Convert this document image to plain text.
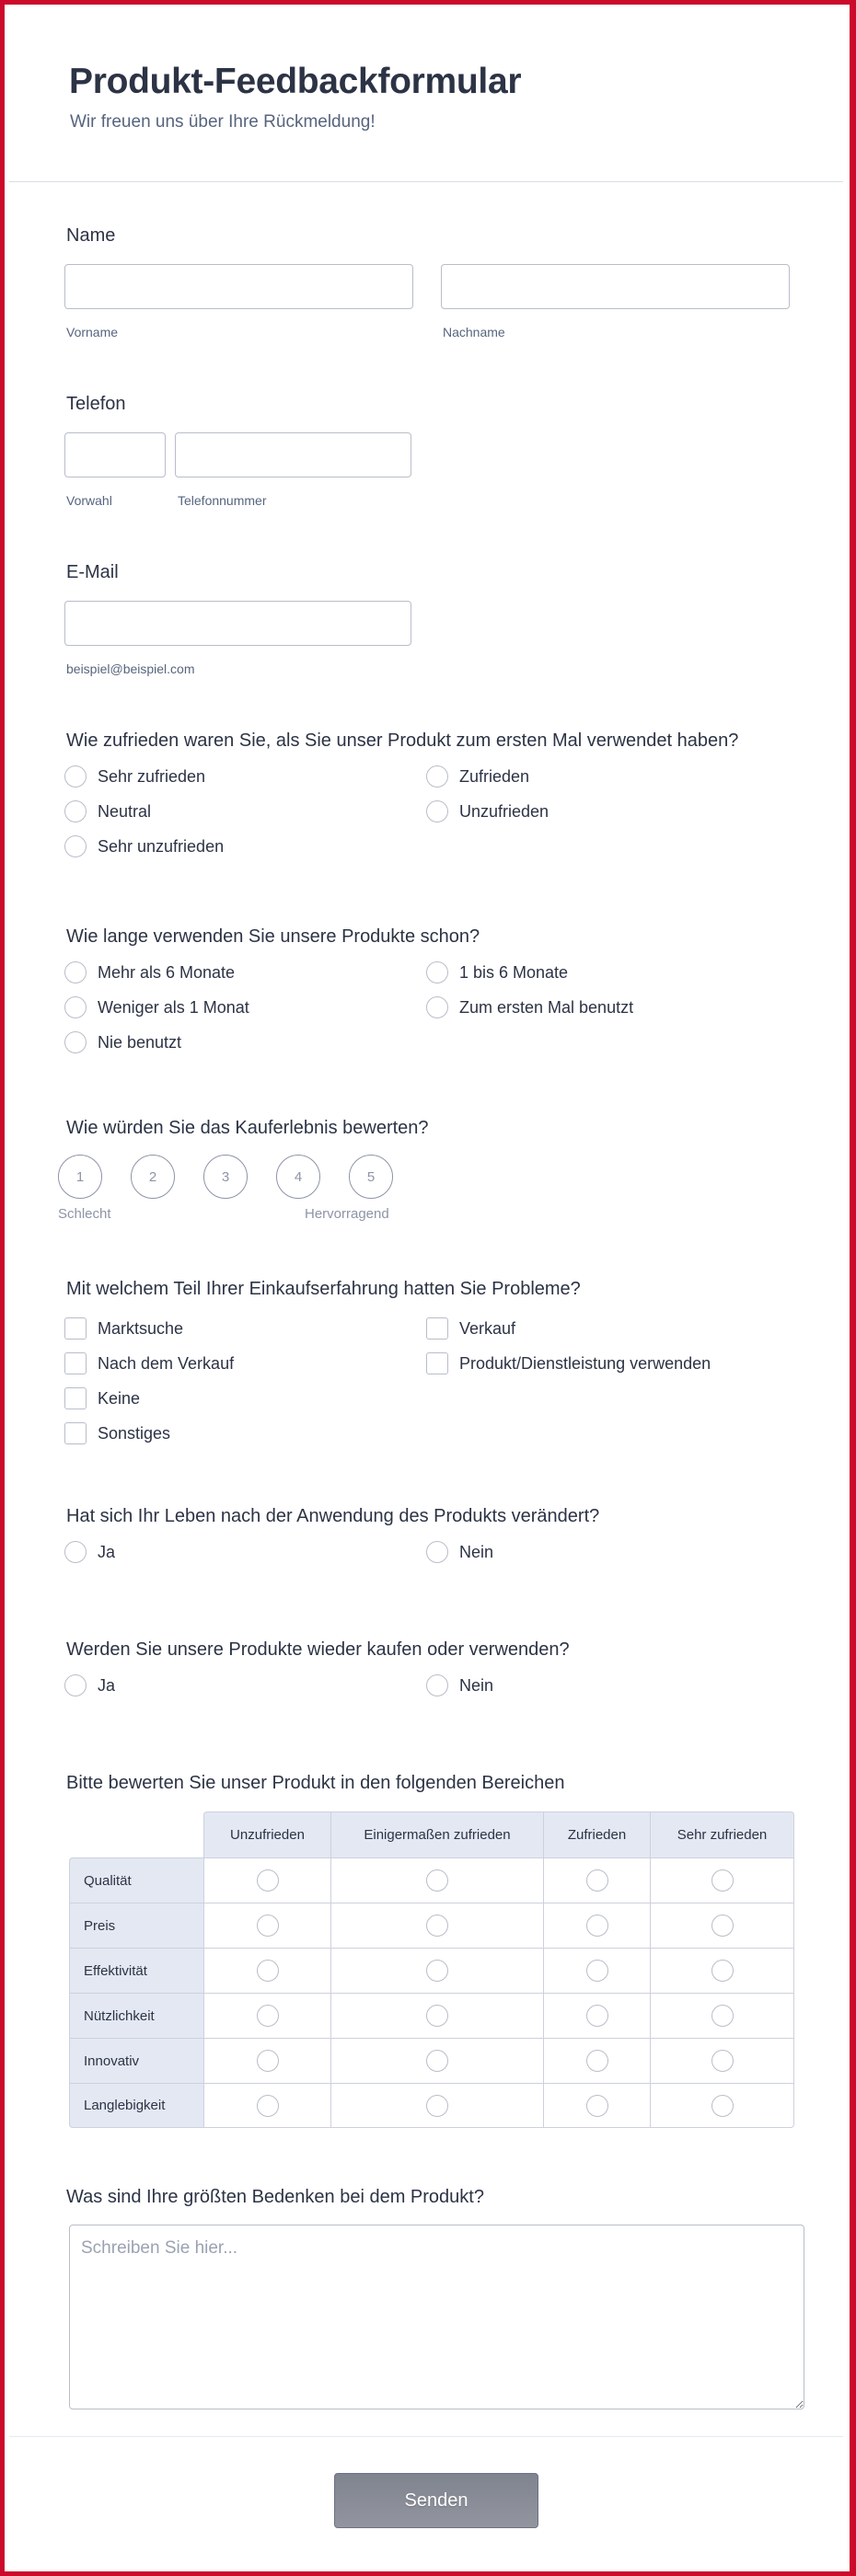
Produkt-Feedbackformular
Wir freuen uns über Ihre Rückmeldung!
Name
Vorname	Nachname
Telefon
Vorwahl	Telefonnummer
E-Mail
beispiel@beispiel.com
Wie zufrieden waren Sie, als Sie unser Produkt zum ersten Mal verwendet haben?
Sehr zufrieden	Zufrieden
Neutral	Unzufrieden
Sehr unzufrieden
Wie lange verwenden Sie unsere Produkte schon?
Mehr als 6 Monate	1 bis 6 Monate
Weniger als 1 Monat	Zum ersten Mal benutzt
Nie benutzt
Wie würden Sie das Kauferlebnis bewerten?
1	2	3	4	5
Schlecht	Hervorragend
Mit welchem Teil Ihrer Einkaufserfahrung hatten Sie Probleme?
Marktsuche	Verkauf
Nach dem Verkauf	Produkt/Dienstleistung verwenden
Keine
Sonstiges
Hat sich Ihr Leben nach der Anwendung des Produkts verändert?
Ja	Nein
Werden Sie unsere Produkte wieder kaufen oder verwenden?
Ja	Nein
Bitte bewerten Sie unser Produkt in den folgenden Bereichen
	Unzufrieden	Einigermaßen zufrieden	Zufrieden	Sehr zufrieden
Qualität				
Preis				
Effektivität				
Nützlichkeit				
Innovativ				
Langlebigkeit				
Was sind Ihre größten Bedenken bei dem Produkt?
Schreiben Sie hier...
Senden
